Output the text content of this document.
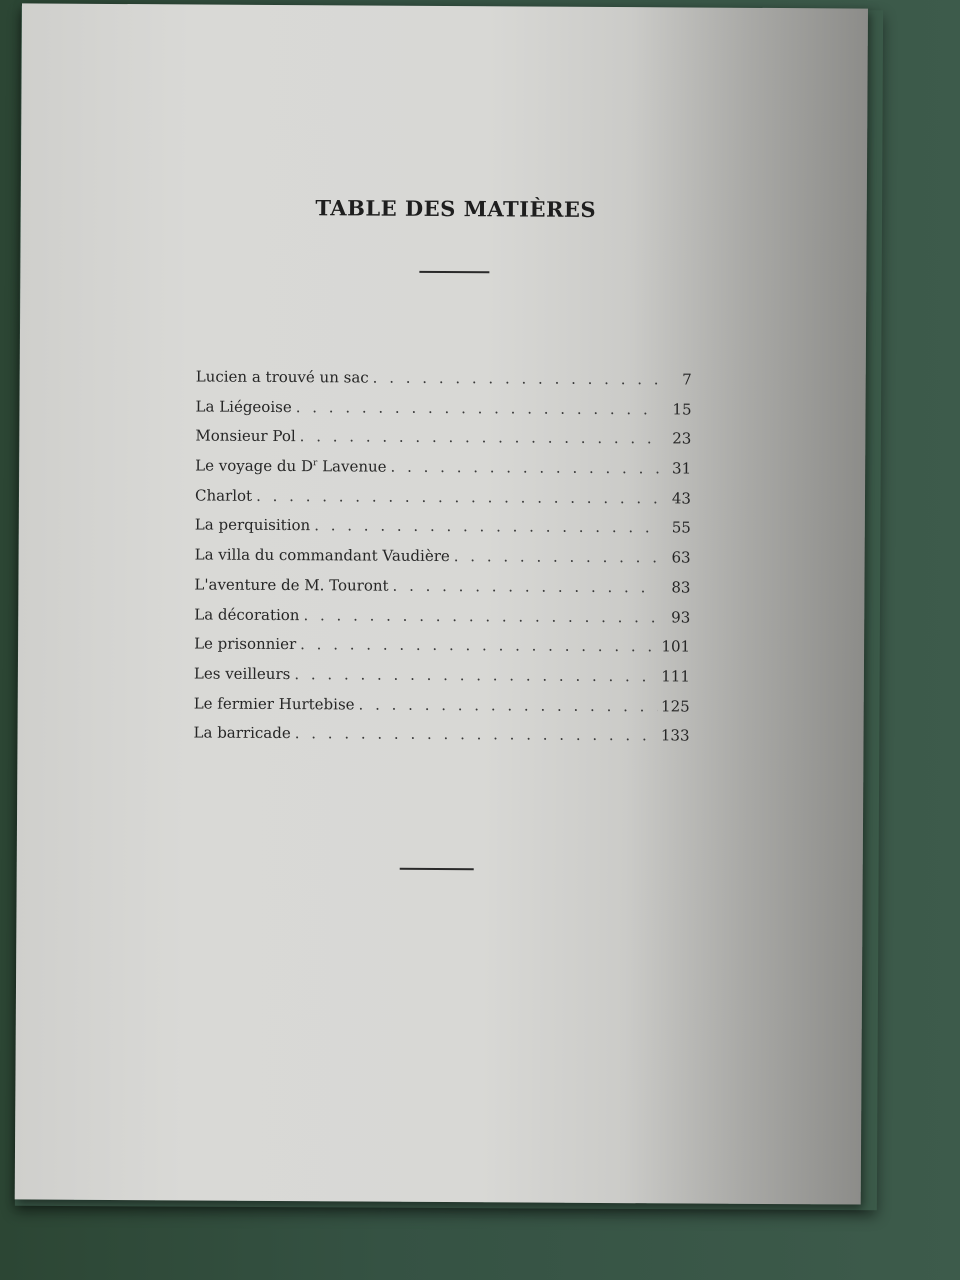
TABLE DES MATIÈRES
Lucien a trouvé un sac . . .	7
La Liégeoise . . .	15
Monsieur Pol . . .	23
Le voyage du $D^r$ Lavenue . . .	31
Charlot . . .	43
La perquisition . . .	55
La villa du commandant Vaudière . . .	63
L'aventure de M. Touront . . .	83
La décoration . . .	93
Le prisonnier . . .	101
Les veilleurs . . .	111
Le fermier Hurtebise . . .	125
La barricade . . .	133
